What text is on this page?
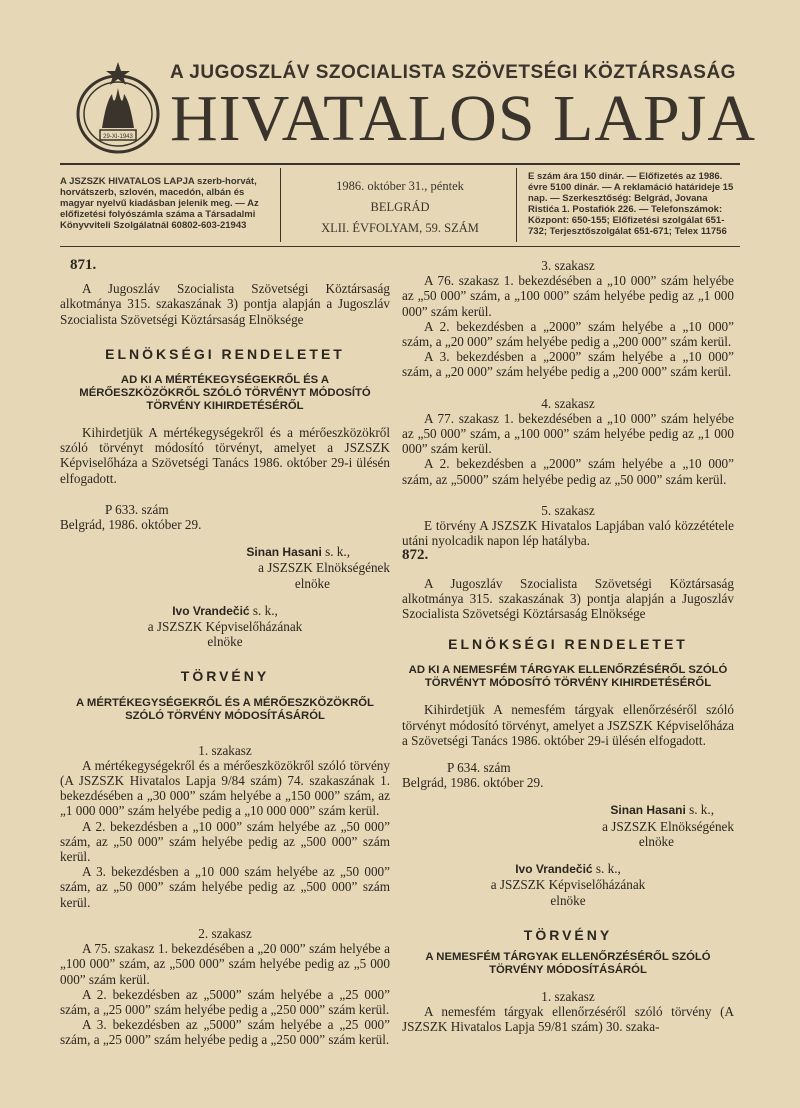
29-XI-1943
A JUGOSZLÁV SZOCIALISTA SZÖVETSÉGI KÖZTÁRSASÁG
HIVATALOS LAPJA
A JSZSZK HIVATALOS LAPJA szerb-horvát, horvátszerb, szlovén, macedón, albán és magyar nyelvű kiadásban jelenik meg. — Az előfizetési folyószámla száma a Társadalmi Könyvviteli Szolgálatnál 60802-603-21943
1986. október 31., péntek
BELGRÁD
XLII. ÉVFOLYAM, 59. SZÁM
E szám ára 150 dinár. — Előfizetés az 1986. évre 5100 dinár. — A reklamáció határideje 15 nap. — Szerkesztőség: Belgrád, Jovana Ristića 1. Postafiók 226. — Telefonszámok: Központ: 650-155; Előfizetési szolgálat 651-732; Terjesztőszolgálat 651-671; Telex 11756

871.

A Jugoszláv Szocialista Szövetségi Köztársaság alkotmánya 315. szakaszának 3) pontja alapján a Jugoszláv Szocialista Szövetségi Köztársaság Elnöksége

ELNÖKSÉGI RENDELETET

AD KI A MÉRTÉKEGYSÉGEKRŐL ÉS A MÉRŐESZKÖZÖKRŐL SZÓLÓ TÖRVÉNYT MÓDOSÍTÓ TÖRVÉNY KIHIRDETÉSÉRŐL

Kihirdetjük A mértékegységekről és a mérőeszközökről szóló törvényt módosító törvényt, amelyet a JSZSZK Képviselőháza a Szövetségi Tanács 1986. október 29-i ülésén elfogadott.

P 633. szám

Belgrád, 1986. október 29.

Sinan Hasani s. k.,

a JSZSZK Elnökségének

elnöke

Ivo Vrandečić s. k.,

a JSZSZK Képviselőházának

elnöke

TÖRVÉNY

A MÉRTÉKEGYSÉGEKRŐL ÉS A MÉRŐESZKÖZÖKRŐL SZÓLÓ TÖRVÉNY MÓDOSÍTÁSÁRÓL

1. szakasz

A mértékegységekről és a mérőeszközökről szóló törvény (A JSZSZK Hivatalos Lapja 9/84 szám) 74. szakaszának 1. bekezdésében a „30 000” szám helyébe a „150 000” szám, az „1 000 000” szám helyébe pedig a „10 000 000” szám kerül.

A 2. bekezdésben a „10 000” szám helyébe az „50 000” szám, az „50 000” szám helyébe pedig az „500 000” szám kerül.

A 3. bekezdésben a „10 000 szám helyébe az „50 000” szám, az „50 000” szám helyébe pedig az „500 000” szám kerül.

2. szakasz

A 75. szakasz 1. bekezdésében a „20 000” szám helyébe a „100 000” szám, az „500 000” szám helyébe pedig az „5 000 000” szám kerül.

A 2. bekezdésben az „5000” szám helyébe a „25 000” szám, a „25 000” szám helyébe pedig a „250 000” szám kerül.

A 3. bekezdésben az „5000” szám helyébe a „25 000” szám, a „25 000” szám helyébe pedig a „250 000” szám kerül.

3. szakasz

A 76. szakasz 1. bekezdésében a „10 000” szám helyébe az „50 000” szám, a „100 000” szám helyébe pedig az „1 000 000” szám kerül.

A 2. bekezdésben a „2000” szám helyébe a „10 000” szám, a „20 000” szám helyébe pedig a „200 000” szám kerül.

A 3. bekezdésben a „2000” szám helyébe a „10 000” szám, a „20 000” szám helyébe pedig a „200 000” szám kerül.

4. szakasz

A 77. szakasz 1. bekezdésében a „10 000” szám helyébe az „50 000” szám, a „100 000” szám helyébe pedig az „1 000 000” szám kerül.

A 2. bekezdésben a „2000” szám helyébe a „10 000” szám, az „5000” szám helyébe pedig az „50 000” szám kerül.

5. szakasz

E törvény A JSZSZK Hivatalos Lapjában való közzététele utáni nyolcadik napon lép hatályba.

872.

A Jugoszláv Szocialista Szövetségi Köztársaság alkotmánya 315. szakaszának 3) pontja alapján a Jugoszláv Szocialista Szövetségi Köztársaság Elnöksége

ELNÖKSÉGI RENDELETET

AD KI A NEMESFÉM TÁRGYAK ELLENŐRZÉSÉRŐL SZÓLÓ TÖRVÉNYT MÓDOSÍTÓ TÖRVÉNY KIHIRDETÉSÉRŐL

Kihirdetjük A nemesfém tárgyak ellenőrzéséről szóló törvényt módosító törvényt, amelyet a JSZSZK Képviselőháza a Szövetségi Tanács 1986. október 29-i ülésén elfogadott.

P 634. szám

Belgrád, 1986. október 29.

Sinan Hasani s. k.,

a JSZSZK Elnökségének

elnöke

Ivo Vrandečić s. k.,

a JSZSZK Képviselőházának

elnöke

TÖRVÉNY

A NEMESFÉM TÁRGYAK ELLENŐRZÉSÉRŐL SZÓLÓ TÖRVÉNY MÓDOSÍTÁSÁRÓL

1. szakasz

A nemesfém tárgyak ellenőrzéséről szóló törvény (A JSZSZK Hivatalos Lapja 59/81 szám) 30. szaka-
